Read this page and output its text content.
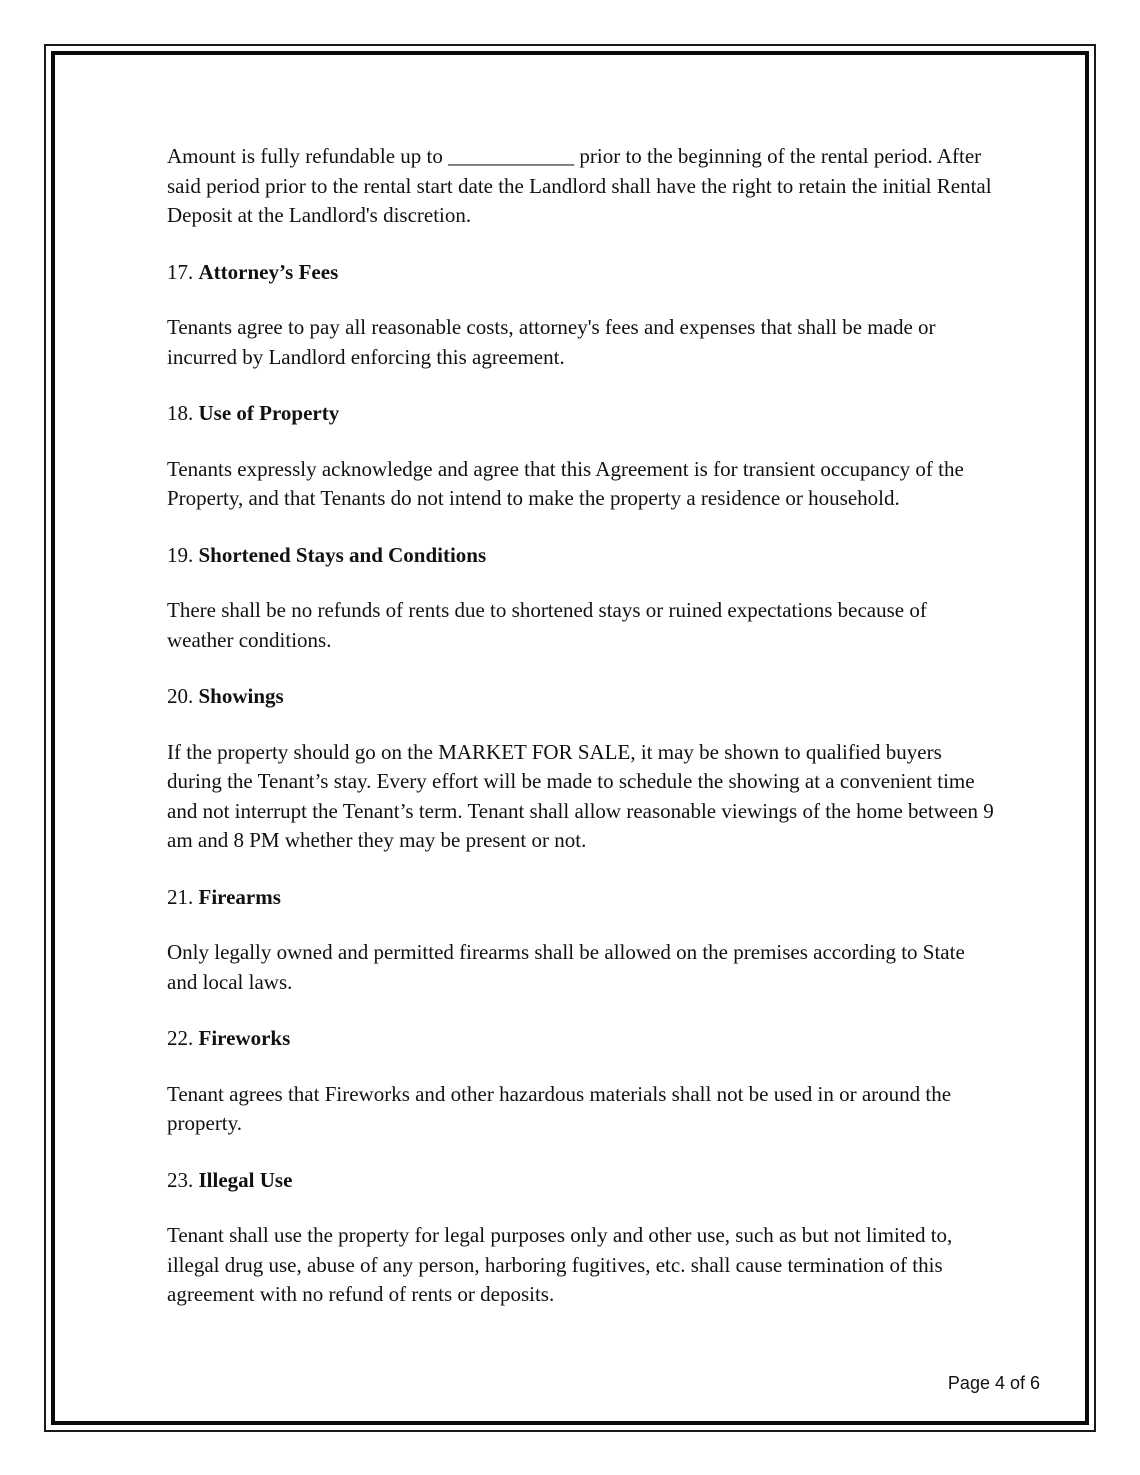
Amount is fully refundable up to ____________ prior to the beginning of the rental period. After said period prior to the rental start date the Landlord shall have the right to retain the initial Rental Deposit at the Landlord's discretion.

17. Attorney’s Fees

Tenants agree to pay all reasonable costs, attorney's fees and expenses that shall be made or incurred by Landlord enforcing this agreement.

18. Use of Property

Tenants expressly acknowledge and agree that this Agreement is for transient occupancy of the Property, and that Tenants do not intend to make the property a residence or household.

19. Shortened Stays and Conditions

There shall be no refunds of rents due to shortened stays or ruined expectations because of weather conditions.

20. Showings

If the property should go on the MARKET FOR SALE, it may be shown to qualified buyers during the Tenant’s stay. Every effort will be made to schedule the showing at a convenient time and not interrupt the Tenant’s term. Tenant shall allow reasonable viewings of the home between 9 am and 8 PM whether they may be present or not.

21. Firearms

Only legally owned and permitted firearms shall be allowed on the premises according to State and local laws.

22. Fireworks

Tenant agrees that Fireworks and other hazardous materials shall not be used in or around the property.

23. Illegal Use

Tenant shall use the property for legal purposes only and other use, such as but not limited to, illegal drug use, abuse of any person, harboring fugitives, etc. shall cause termination of this agreement with no refund of rents or deposits.

Page 4 of 6
